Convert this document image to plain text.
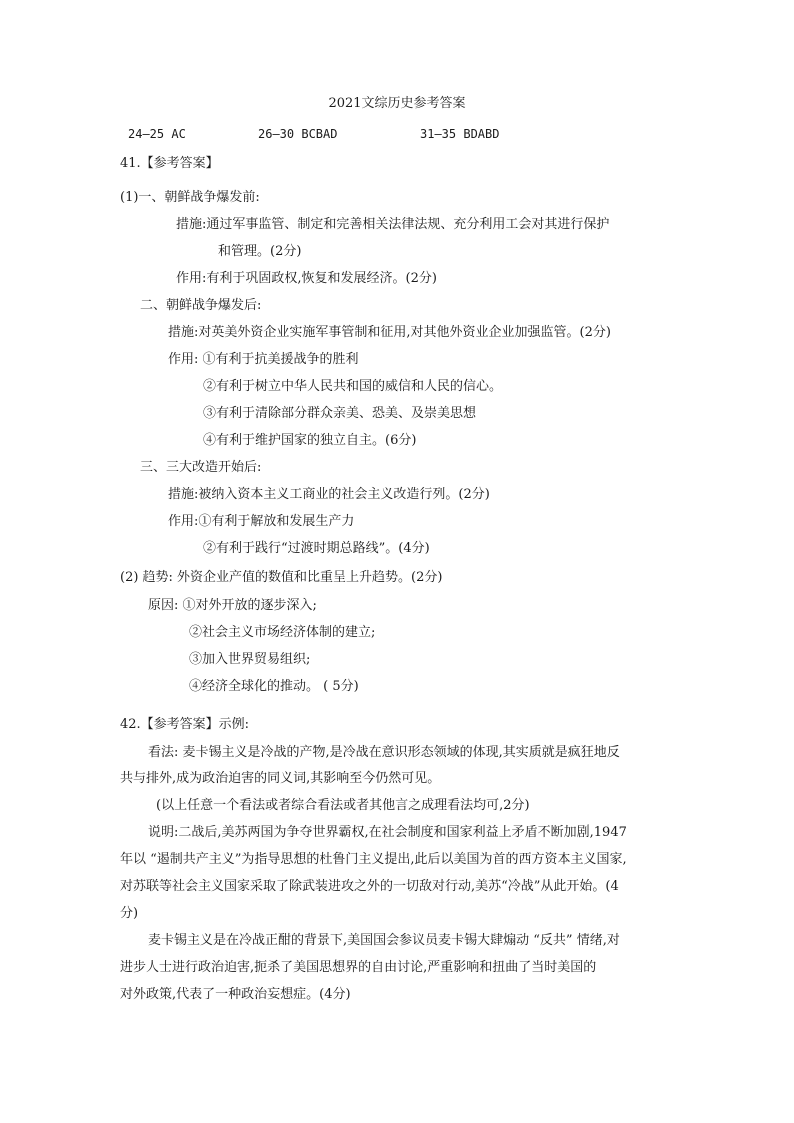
2021文综历史参考答案
24—25 AC	26—30 BCBAD	31—35 BDABD
41.【参考答案】
(1)一、朝鲜战争爆发前:
措施:通过军事监管、制定和完善相关法律法规、充分利用工会对其进行保护
和管理。(2分)
作用:有利于巩固政权,恢复和发展经济。(2分)
二、朝鲜战争爆发后:
措施:对英美外资企业实施军事管制和征用,对其他外资业企业加强监管。(2分)
作用: ①有利于抗美援战争的胜利
②有利于树立中华人民共和国的威信和人民的信心。
③有利于清除部分群众亲美、恐美、及崇美思想
④有利于维护国家的独立自主。(6分)
三、三大改造开始后:
措施:被纳入资本主义工商业的社会主义改造行列。(2分)
作用:①有利于解放和发展生产力
②有利于践行“过渡时期总路线”。(4分)
(2) 趋势: 外资企业产值的数值和比重呈上升趋势。(2分)
原因: ①对外开放的逐步深入;
②社会主义市场经济体制的建立;
③加入世界贸易组织;
④经济全球化的推动。 ( 5分)
42.【参考答案】示例:
看法: 麦卡锡主义是冷战的产物,是冷战在意识形态领域的体现,其实质就是疯狂地反
共与排外,成为政治迫害的同义词,其影响至今仍然可见。
(以上任意一个看法或者综合看法或者其他言之成理看法均可,2分)
说明:二战后,美苏两国为争夺世界霸权,在社会制度和国家利益上矛盾不断加剧,1947
年以 “遏制共产主义”为指导思想的杜鲁门主义提出,此后以美国为首的西方资本主义国家,
对苏联等社会主义国家采取了除武装进攻之外的一切敌对行动,美苏“冷战”从此开始。(4
分)
麦卡锡主义是在冷战正酣的背景下,美国国会参议员麦卡锡大肆煽动 “反共” 情绪,对
进步人士进行政治迫害,扼杀了美国思想界的自由讨论,严重影响和扭曲了当时美国的
对外政策,代表了一种政治妄想症。(4分)
